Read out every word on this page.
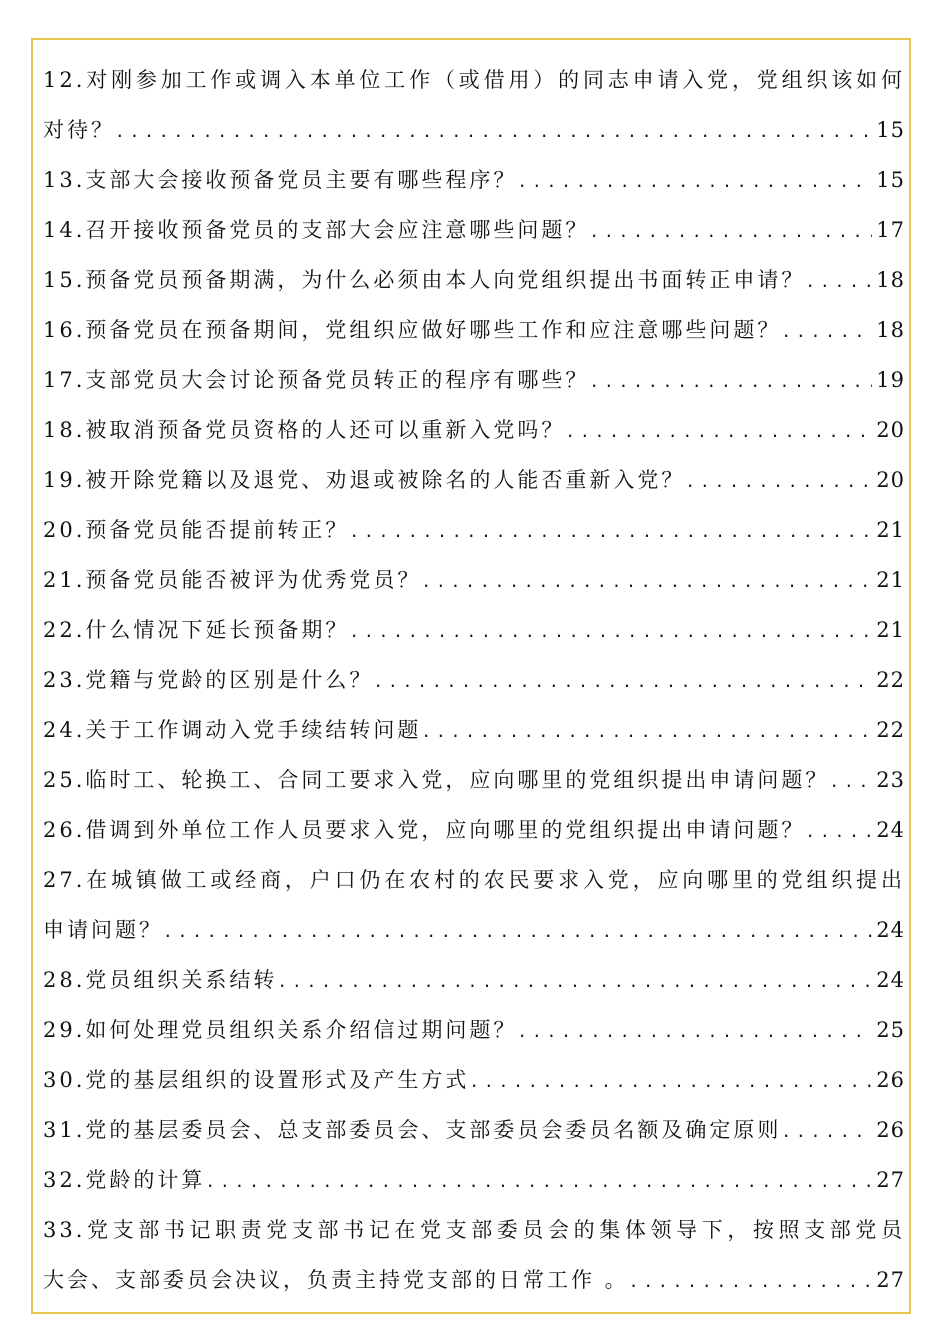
12.对刚参加工作或调入本单位工作（或借用）的同志申请入党，党组织该如何
对待？ .....	15
13.支部大会接收预备党员主要有哪些程序？ .....	15
14.召开接收预备党员的支部大会应注意哪些问题？ .....	17
15.预备党员预备期满，为什么必须由本人向党组织提出书面转正申请？ .....	18
16.预备党员在预备期间，党组织应做好哪些工作和应注意哪些问题？ .....	18
17.支部党员大会讨论预备党员转正的程序有哪些？ .....	19
18.被取消预备党员资格的人还可以重新入党吗？ .....	20
19.被开除党籍以及退党、劝退或被除名的人能否重新入党？ .....	20
20.预备党员能否提前转正？ .....	21
21.预备党员能否被评为优秀党员？ .....	21
22.什么情况下延长预备期？ .....	21
23.党籍与党龄的区别是什么？ .....	22
24.关于工作调动入党手续结转问题 .....	22
25.临时工、轮换工、合同工要求入党，应向哪里的党组织提出申请问题？ ..... 23
26.借调到外单位工作人员要求入党，应向哪里的党组织提出申请问题？ .....	24
27.在城镇做工或经商，户口仍在农村的农民要求入党，应向哪里的党组织提出
申请问题？ .....	24
28.党员组织关系结转 .....	24
29.如何处理党员组织关系介绍信过期问题？ .....	25
30.党的基层组织的设置形式及产生方式 .....	26
31.党的基层委员会、总支部委员会、支部委员会委员名额及确定原则 .....	26
32.党龄的计算 .....	27
33.党支部书记职责党支部书记在党支部委员会的集体领导下，按照支部党员
大会、支部委员会决议，负责主持党支部的日常工作 。 .....	27
